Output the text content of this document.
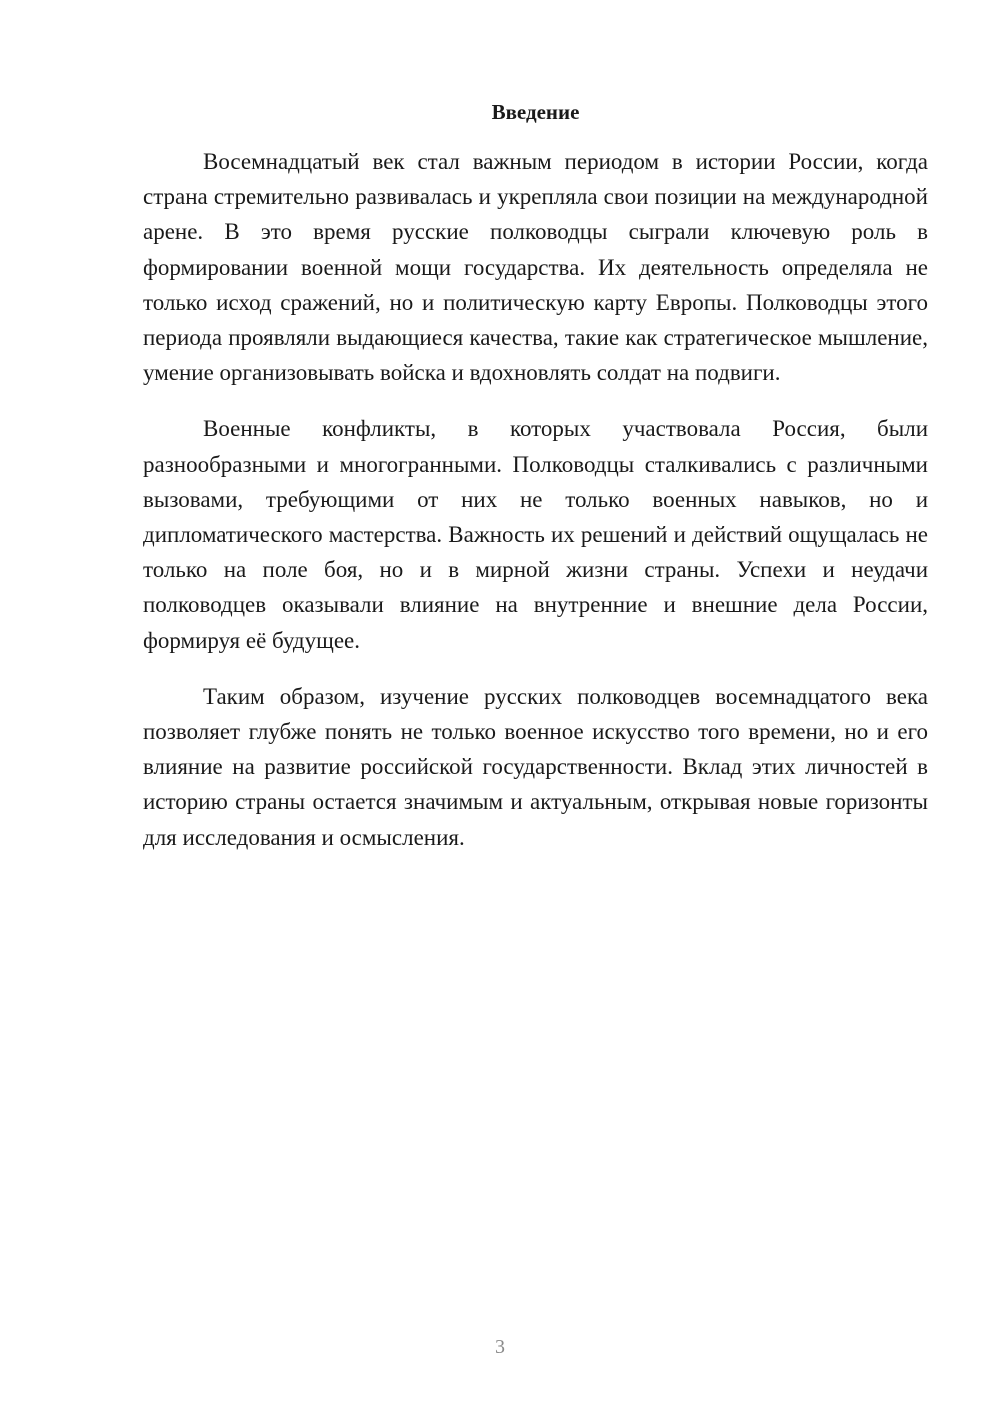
Введение

Восемнадцатый век стал важным периодом в истории России, когда страна стремительно развивалась и укрепляла свои позиции на международной арене. В это время русские полководцы сыграли ключевую роль в формировании военной мощи государства. Их деятельность определяла не только исход сражений, но и политическую карту Европы. Полководцы этого периода проявляли выдающиеся качества, такие как стратегическое мышление, умение организовывать войска и вдохновлять солдат на подвиги.

Военные конфликты, в которых участвовала Россия, были разнообразными и многогранными. Полководцы сталкивались с различными вызовами, требующими от них не только военных навыков, но и дипломатического мастерства. Важность их решений и действий ощущалась не только на поле боя, но и в мирной жизни страны. Успехи и неудачи полководцев оказывали влияние на внутренние и внешние дела России, формируя её будущее.

Таким образом, изучение русских полководцев восемнадцатого века позволяет глубже понять не только военное искусство того времени, но и его влияние на развитие российской государственности. Вклад этих личностей в историю страны остается значимым и актуальным, открывая новые горизонты для исследования и осмысления.

3
